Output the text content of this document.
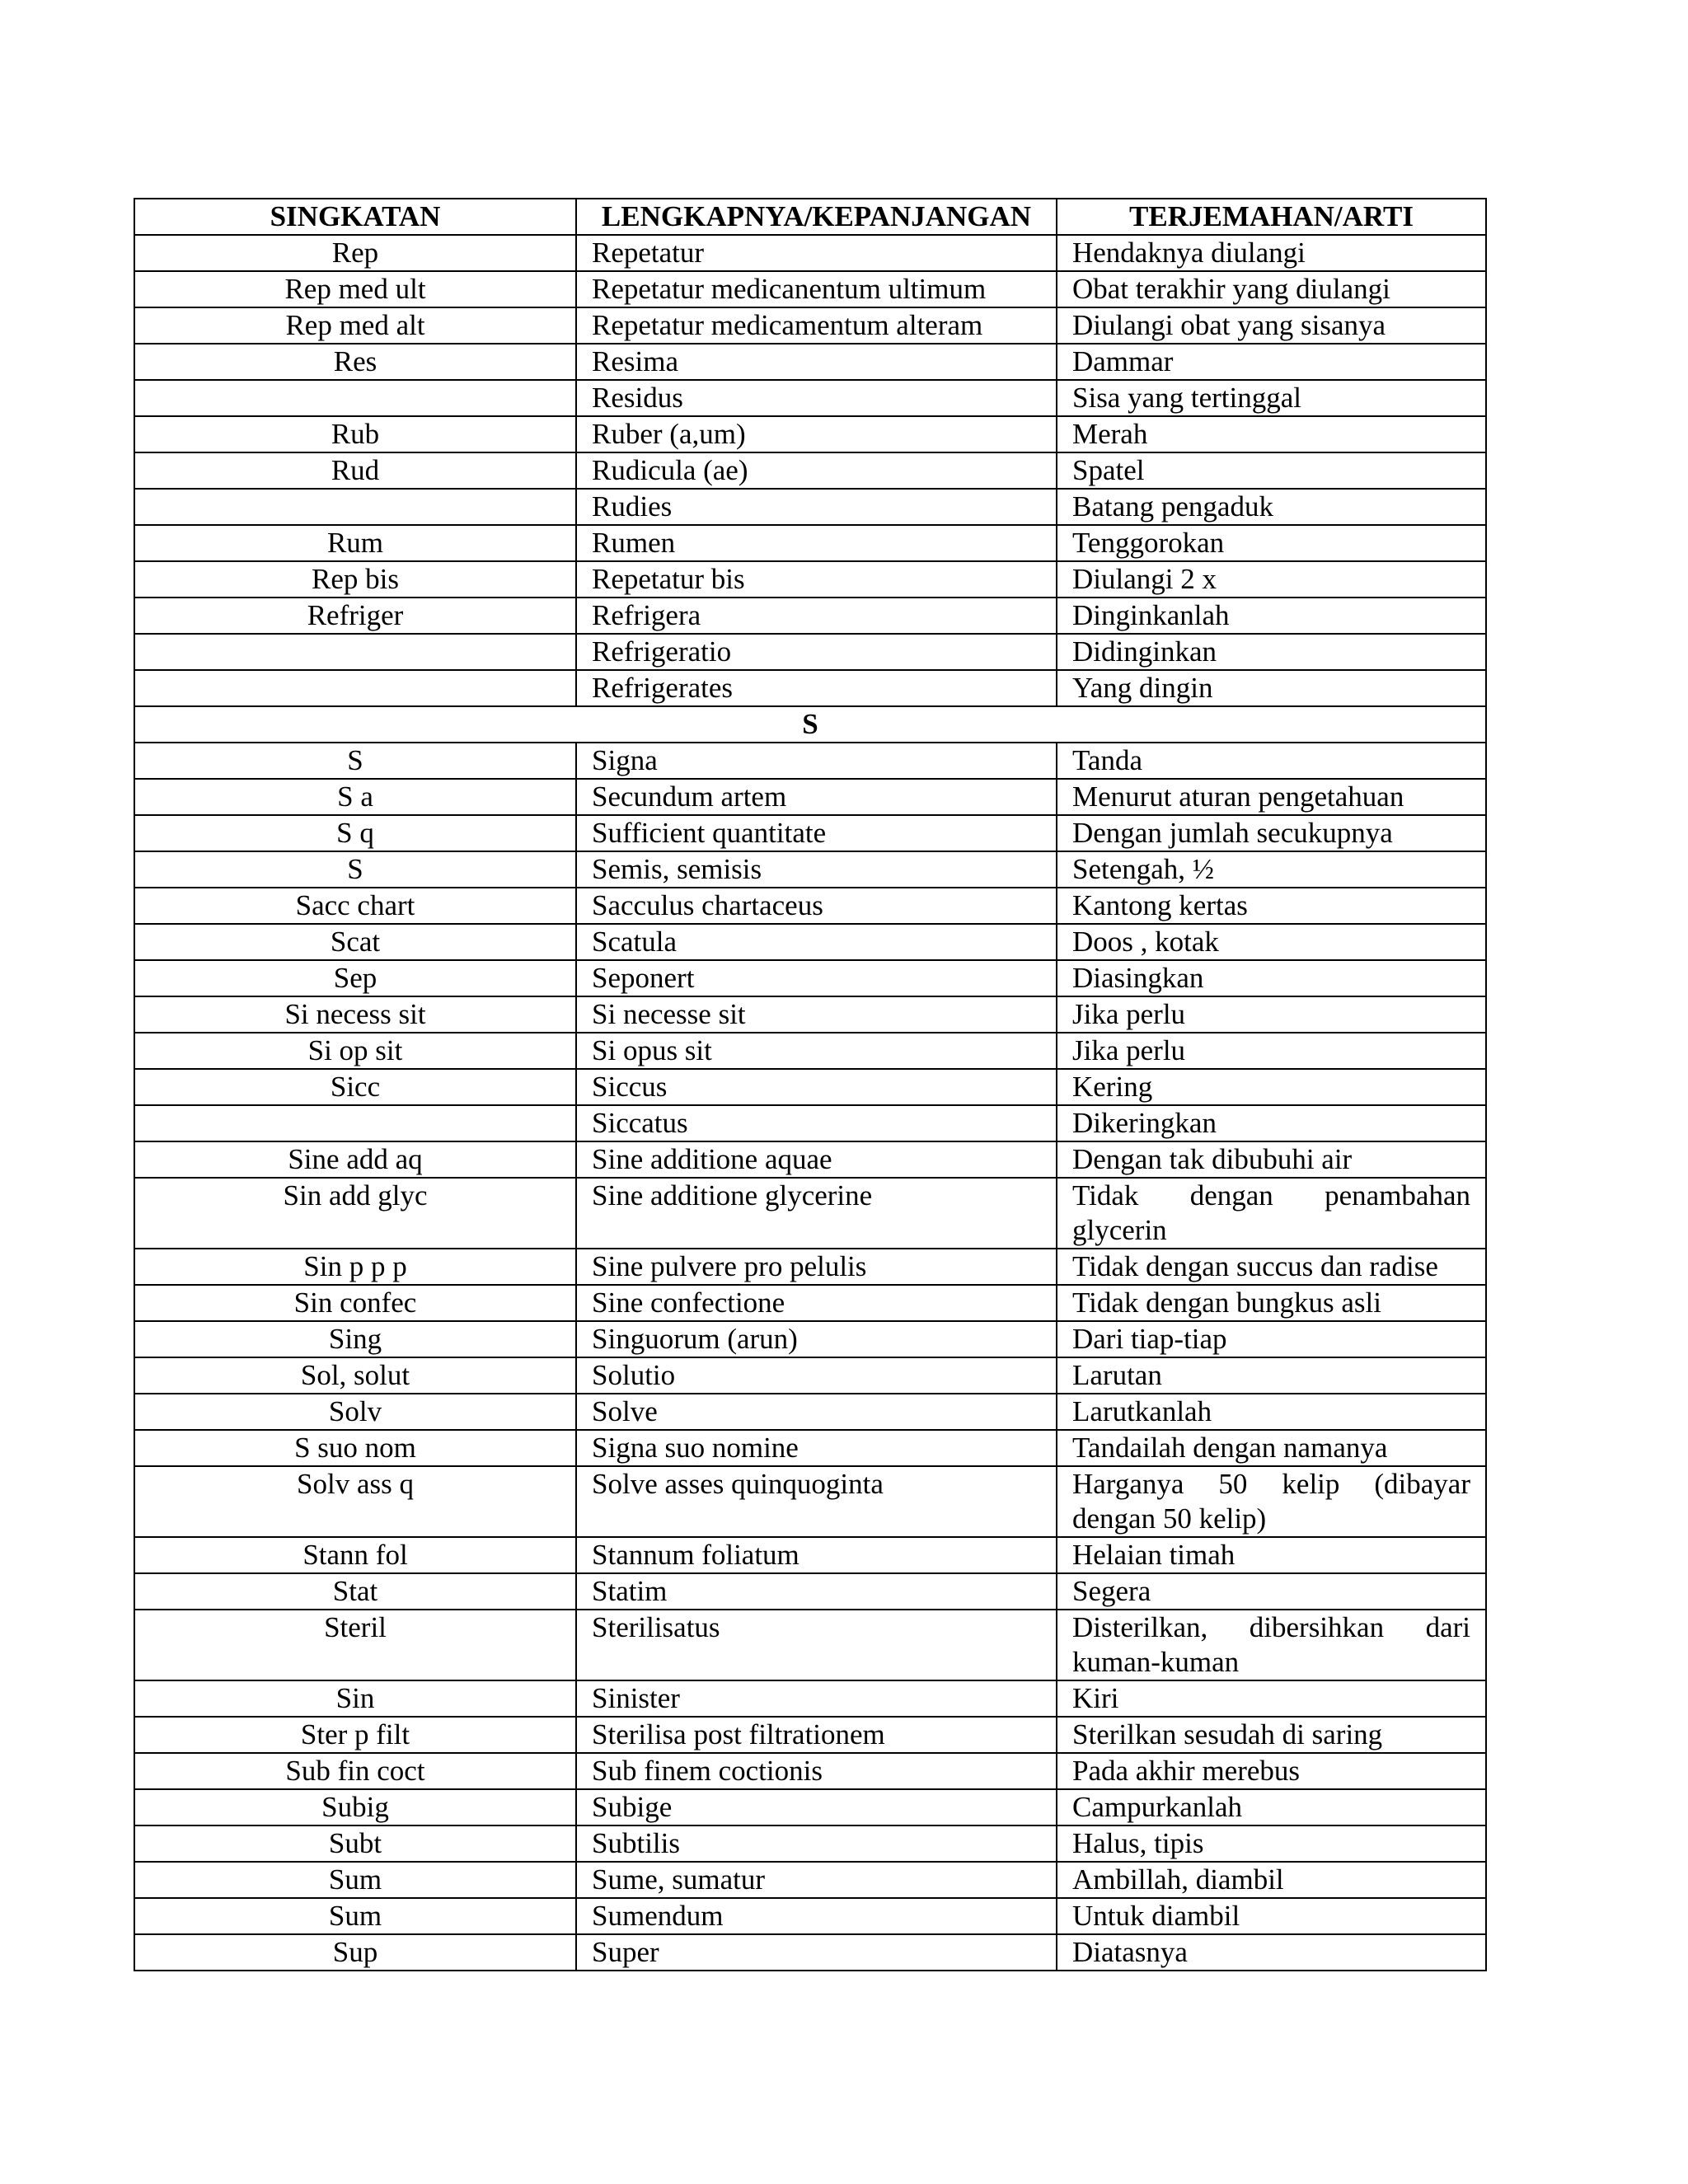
SINGKATAN	LENGKAPNYA/KEPANJANGAN	TERJEMAHAN/ARTI
Rep	Repetatur	Hendaknya diulangi
Rep med ult	Repetatur medicanentum ultimum	Obat terakhir yang diulangi
Rep med alt	Repetatur medicamentum alteram	Diulangi obat yang sisanya
Res	Resima	Dammar
	Residus	Sisa yang tertinggal
Rub	Ruber (a,um)	Merah
Rud	Rudicula (ae)	Spatel
	Rudies	Batang pengaduk
Rum	Rumen	Tenggorokan
Rep bis	Repetatur bis	Diulangi 2 x
Refriger	Refrigera	Dinginkanlah
	Refrigeratio	Didinginkan
	Refrigerates	Yang dingin
S		
S	Signa	Tanda
S a	Secundum artem	Menurut aturan pengetahuan
S q	Sufficient quantitate	Dengan jumlah secukupnya
S	Semis, semisis	Setengah, ½
Sacc chart	Sacculus chartaceus	Kantong kertas
Scat	Scatula	Doos , kotak
Sep	Seponert	Diasingkan
Si necess sit	Si necesse sit	Jika perlu
Si op sit	Si opus sit	Jika perlu
Sicc	Siccus	Kering
	Siccatus	Dikeringkan
Sine add aq	Sine additione aquae	Dengan tak dibubuhi air
Sin add glyc	Sine additione glycerine	Tidak dengan penambahan glycerin
Sin p p p	Sine pulvere pro pelulis	Tidak dengan succus dan radise
Sin confec	Sine confectione	Tidak dengan bungkus asli
Sing	Singuorum (arun)	Dari tiap-tiap
Sol, solut	Solutio	Larutan
Solv	Solve	Larutkanlah
S suo nom	Signa suo nomine	Tandailah dengan namanya
Solv ass q	Solve asses quinquoginta	Harganya 50 kelip (dibayar dengan 50 kelip)
Stann fol	Stannum foliatum	Helaian timah
Stat	Statim	Segera
Steril	Sterilisatus	Disterilkan, dibersihkan dari kuman-kuman
Sin	Sinister	Kiri
Ster p filt	Sterilisa post filtrationem	Sterilkan sesudah di saring
Sub fin coct	Sub finem coctionis	Pada akhir merebus
Subig	Subige	Campurkanlah
Subt	Subtilis	Halus, tipis
Sum	Sume, sumatur	Ambillah, diambil
Sum	Sumendum	Untuk diambil
Sup	Super	Diatasnya
